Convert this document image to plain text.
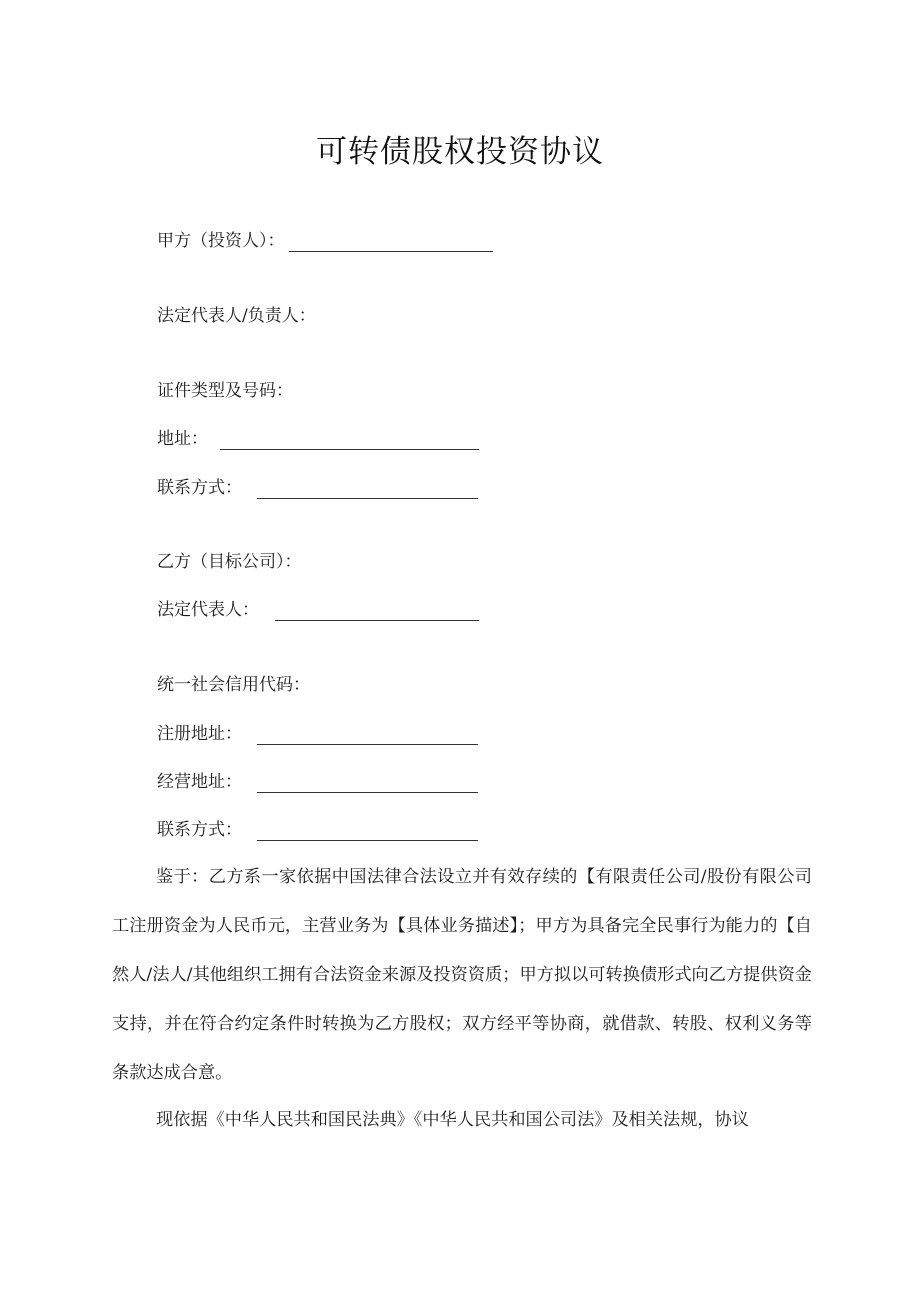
可转债股权投资协议
甲方（投资人）：
法定代表人/负责人：
证件类型及号码：
地址：
联系方式：
乙方（目标公司）：
法定代表人：
统一社会信用代码：
注册地址：
经营地址：
联系方式：

鉴于：乙方系一家依据中国法律合法设立并有效存续的【有限责任公司/股份有限公司工注册资金为人民币元，主营业务为【具体业务描述】；甲方为具备完全民事行为能力的【自然人/法人/其他组织工拥有合法资金来源及投资资质；甲方拟以可转换债形式向乙方提供资金支持，并在符合约定条件时转换为乙方股权；双方经平等协商，就借款、转股、权利义务等条款达成合意。

现依据《中华人民共和国民法典》《中华人民共和国公司法》及相关法规，协议
